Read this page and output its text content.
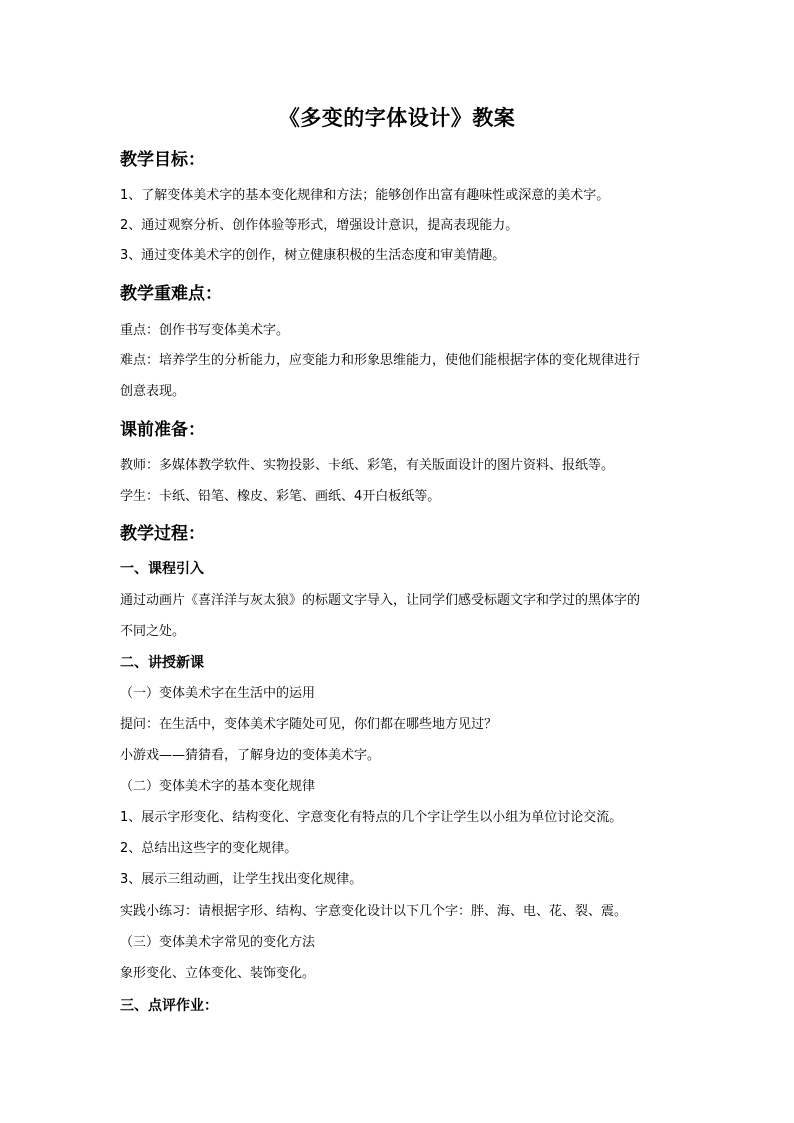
《多变的字体设计》教案
教学目标：
1、了解变体美术字的基本变化规律和方法；能够创作出富有趣味性或深意的美术字。
2、通过观察分析、创作体验等形式，增强设计意识，提高表现能力。
3、通过变体美术字的创作，树立健康积极的生活态度和审美情趣。
教学重难点：
重点：创作书写变体美术字。
难点：培养学生的分析能力，应变能力和形象思维能力，使他们能根据字体的变化规律进行
创意表现。
课前准备：
教师：多媒体教学软件、实物投影、卡纸、彩笔，有关版面设计的图片资料、报纸等。
学生：卡纸、铅笔、橡皮、彩笔、画纸、4开白板纸等。
教学过程：
一、课程引入
通过动画片《喜洋洋与灰太狼》的标题文字导入，让同学们感受标题文字和学过的黑体字的
不同之处。
二、讲授新课
（一）变体美术字在生活中的运用
提问：在生活中，变体美术字随处可见，你们都在哪些地方见过？
小游戏——猜猜看，了解身边的变体美术字。
（二）变体美术字的基本变化规律
1、展示字形变化、结构变化、字意变化有特点的几个字让学生以小组为单位讨论交流。
2、总结出这些字的变化规律。
3、展示三组动画，让学生找出变化规律。
实践小练习：请根据字形、结构、字意变化设计以下几个字：胖、海、电、花、裂、震。
（三）变体美术字常见的变化方法
象形变化、立体变化、装饰变化。
三、点评作业：
